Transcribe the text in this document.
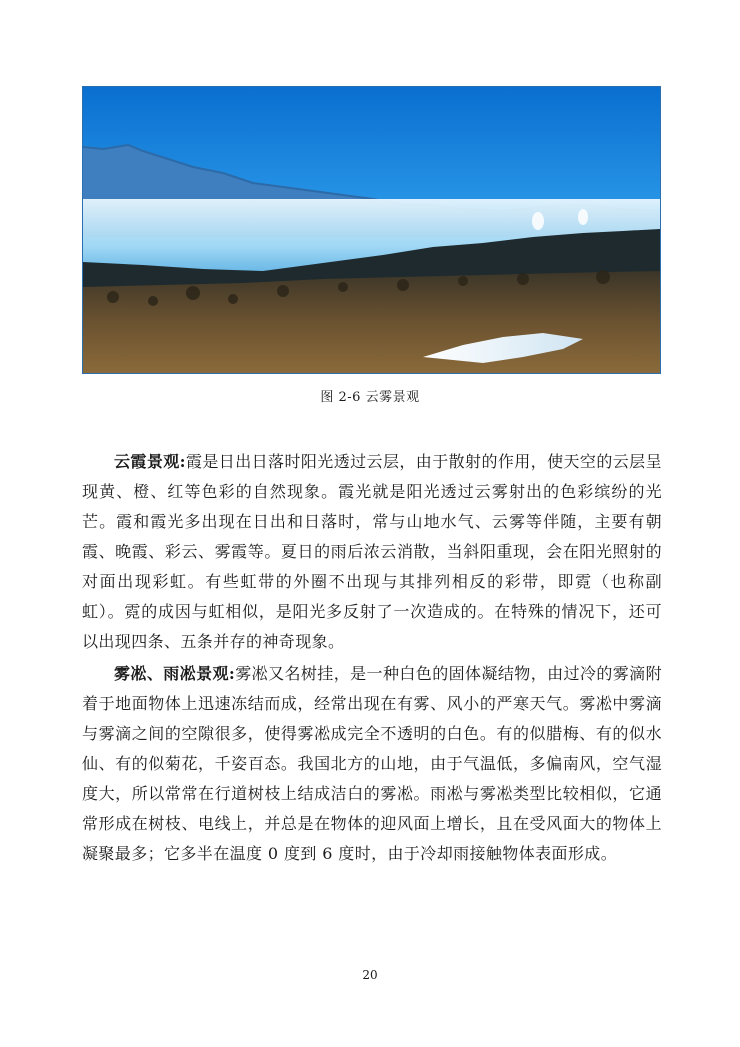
图 2-6 云雾景观

云霞景观:霞是日出日落时阳光透过云层，由于散射的作用，使天空的云层呈现黄、橙、红等色彩的自然现象。霞光就是阳光透过云雾射出的色彩缤纷的光芒。霞和霞光多出现在日出和日落时，常与山地水气、云雾等伴随，主要有朝霞、晚霞、彩云、雾霞等。夏日的雨后浓云消散，当斜阳重现，会在阳光照射的对面出现彩虹。有些虹带的外圈不出现与其排列相反的彩带，即霓（也称副虹）。霓的成因与虹相似，是阳光多反射了一次造成的。在特殊的情况下，还可以出现四条、五条并存的神奇现象。

雾凇、雨凇景观:雾凇又名树挂，是一种白色的固体凝结物，由过冷的雾滴附着于地面物体上迅速冻结而成，经常出现在有雾、风小的严寒天气。雾凇中雾滴与雾滴之间的空隙很多，使得雾凇成完全不透明的白色。有的似腊梅、有的似水仙、有的似菊花，千姿百态。我国北方的山地，由于气温低，多偏南风，空气湿度大，所以常常在行道树枝上结成洁白的雾凇。雨凇与雾凇类型比较相似，它通常形成在树枝、电线上，并总是在物体的迎风面上增长，且在受风面大的物体上凝聚最多；它多半在温度 0 度到 6 度时，由于冷却雨接触物体表面形成。

20
